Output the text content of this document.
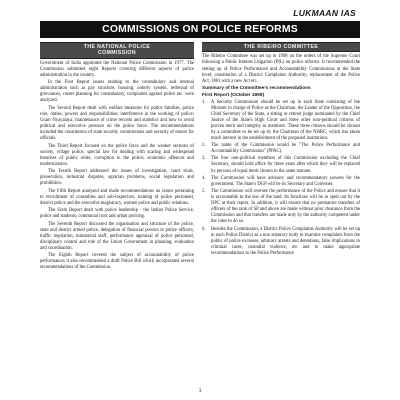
LUKMAAN IAS
COMMISSIONS ON POLICE REFORMS
THE NATIONAL POLICE
COMMISSION

Government of India appointed the National Police Commission in 1977. The Commission submitted eight Reports covering different aspects of police administration in the country.

In the First Report issues relating to the constabulary and internal administration such as pay structure, housing, orderly system, redressal of grievances, career planning for constabulary, complaints against police etc. were analyzed.

The Second Report dealt with welfare measures for police families, police role, duties, powers and responsibilities; interference in the working of police; Gram Nyayalaya; maintenance of crime records and statistics and how to avoid political and executive pressure on the police force. The recommendations included the constitution of state security commissions and security of tenure for officials.

The Third Report focused on the police force and the weaker sections of society, village police, special law for dealing with scaring and widespread breaches of public order, corruption in the police, economic offences and modernisation.

The Fourth Report addressed the issues of investigation, court trials, prosecution, industrial disputes, agrarian problems, social legislation and prohibition.

The Fifth Report analysed and made recommendations on issues pertaining to recruitment of constables and sub-inspectors, training of police personnel, district police and the executive magistracy, women police and public relations.

The Sixth Report dealt with police leadership - the Indian Police Service, police and students, communal riots and urban policing.

The Seventh Report discussed the organisation and structure of the police, state and district armed police, delegation of financial powers to police officers, traffic regulation, ministerial staff, performance appraisal of police personnel, disciplinary control and role of the Union Government in planning, evaluation and coordination.

The Eighth Report covered the subject of accountability of police performance; it also recommended a draft Police Bill which incorporated several recommendations of the Commission.

THE RIBEIRO COMMITTEE

The Ribeiro Committee was set up in 1998 on the orders of the Supreme Court following a Public Interest Litigation (PIL) on police reforms. It recommended the setting up of Police Performance and Accountability Commissions at the State level; constitution of a District Complaints Authority; replacement of the Police Act, 1861 with a new Act etc.

Summary of the Committee's recommendations
First Report (October 1998)
1. A Security Commission should be set up in each State consisting of the Minister in charge of Police as the Chairman, the Leader of the Opposition, the Chief Secretary of the State, a sitting or retired judge nominated by the Chief Justice of the State's High Court and three other non-political citizens of proven merit and integrity as members. These three citizens should be chosen by a committee to be set up by the Chairman of the NHRC, which has taken much interest in the establishment of the proposed institutions.
2. The name of the Commission would be "The Police Performance and Accountability Commission" (PPAC).
3. The four non-political members of this Commission excluding the Chief Secretary, should hold office for three years after which they will be replaced by persons of equal merit chosen in the same manner.
4. The Commission will have advisory and recommendatory powers for the government. The State's DGP will be its Secretary and Convener.
5. The Commission will oversee the performance of the Police and ensure that it is accountable to the law of the land. Its functions will be as spelt out by the NPC at their report. In addition, it will ensure that no premature transfers of officers of the rank of SP and above are made without prior clearance from the Commission and that transfers are made only by the authority competent under the rules to do so.
6. Besides the Commission, a District Police Complaints Authority will be set up in each Police District as a non statutory body to examine complaints from the public of police excesses, arbitrary arrests and detentions, false implications in criminal cases, custodial violence, etc and to make appropriate recommendations to the Police Performance
3
